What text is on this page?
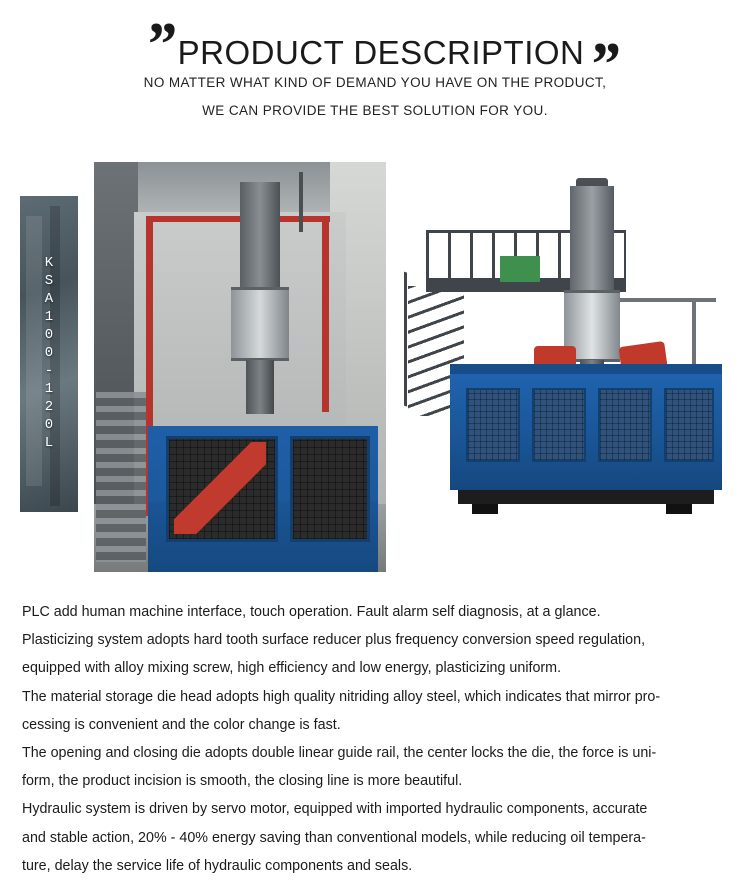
” PRODUCT DESCRIPTION ”
NO MATTER WHAT KIND OF DEMAND YOU HAVE ON THE PRODUCT,
WE CAN PROVIDE THE BEST SOLUTION FOR YOU.
KSA100-120L

PLC add human machine interface, touch operation. Fault alarm self diagnosis, at a glance.

Plasticizing system adopts hard tooth surface reducer plus frequency conversion speed regulation,

equipped with alloy mixing screw, high efficiency and low energy, plasticizing uniform.

The material storage die head adopts high quality nitriding alloy steel, which indicates that mirror pro-

cessing is convenient and the color change is fast.

The opening and closing die adopts double linear guide rail, the center locks the die, the force is uni-

form, the product incision is smooth, the closing line is more beautiful.

Hydraulic system is driven by servo motor, equipped with imported hydraulic components, accurate

and stable action, 20% - 40% energy saving than conventional models, while reducing oil tempera-

ture, delay the service life of hydraulic components and seals.
